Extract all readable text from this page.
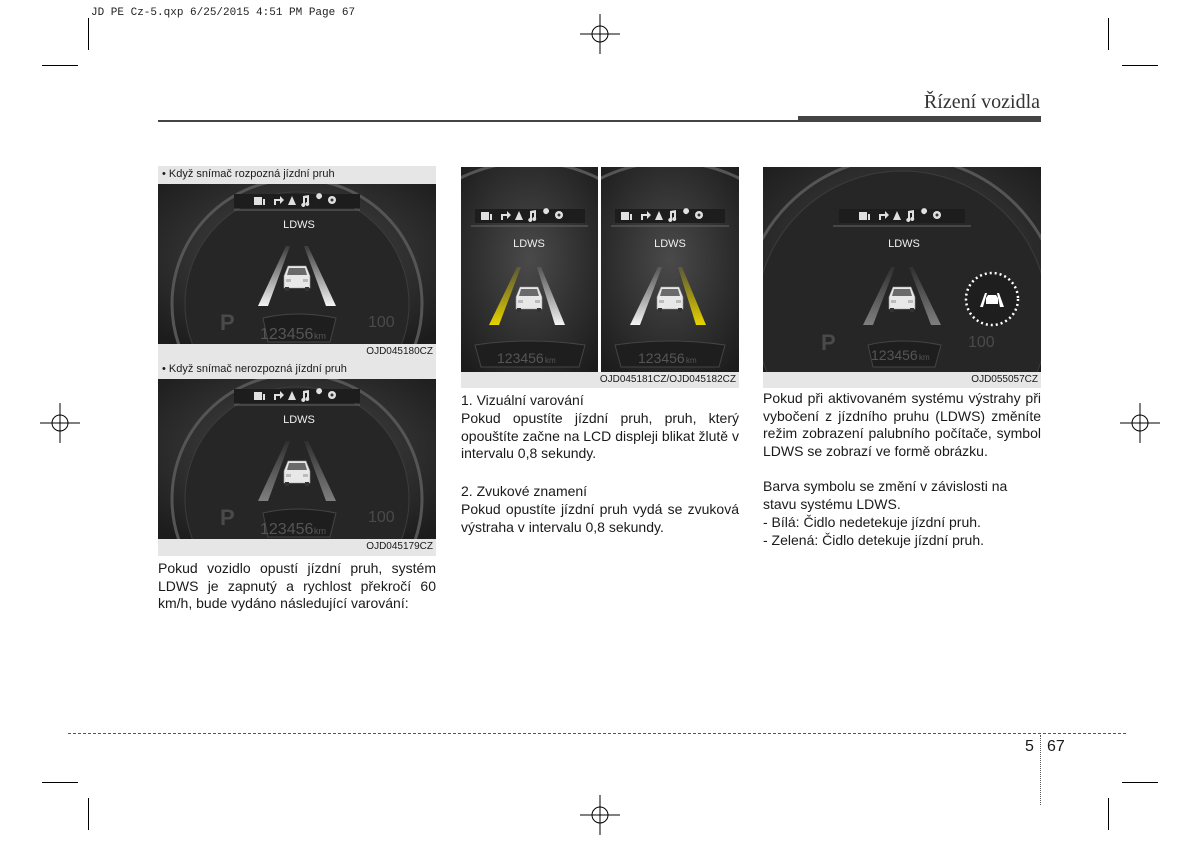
JD PE Cz-5.qxp 6/25/2015 4:51 PM Page 67
Řízení vozidla
• Když snímač rozpozná jízdní pruh
LDWS
123456 km
P	100
OJD045180CZ
• Když snímač nerozpozná jízdní pruh
LDWS
123456 km
P	100
OJD045179CZ
Pokud vozidlo opustí jízdní pruh, systém LDWS je zapnutý a rychlost překročí 60 km/h, bude vydáno následující varování:
LDWS
123456 km
LDWS
123456 km
OJD045181CZ/OJD045182CZ
1. Vizuální varování
Pokud opustíte jízdní pruh, pruh, který opouštíte začne na LCD displeji blikat žlutě v intervalu 0,8 sekundy.
2. Zvukové znamení
Pokud opustíte jízdní pruh vydá se zvuková výstraha v intervalu 0,8 sekundy.
LDWS
123456 km
P	100
OJD055057CZ
Pokud při aktivovaném systému výstrahy při vybočení z jízdního pruhu (LDWS) změníte režim zobrazení palubního počítače, symbol LDWS se zobrazí ve formě obrázku.
Barva symbolu se změní v závislosti na stavu systému LDWS.
- Bílá: Čidlo nedetekuje jízdní pruh.
- Zelená: Čidlo detekuje jízdní pruh.
5 67
